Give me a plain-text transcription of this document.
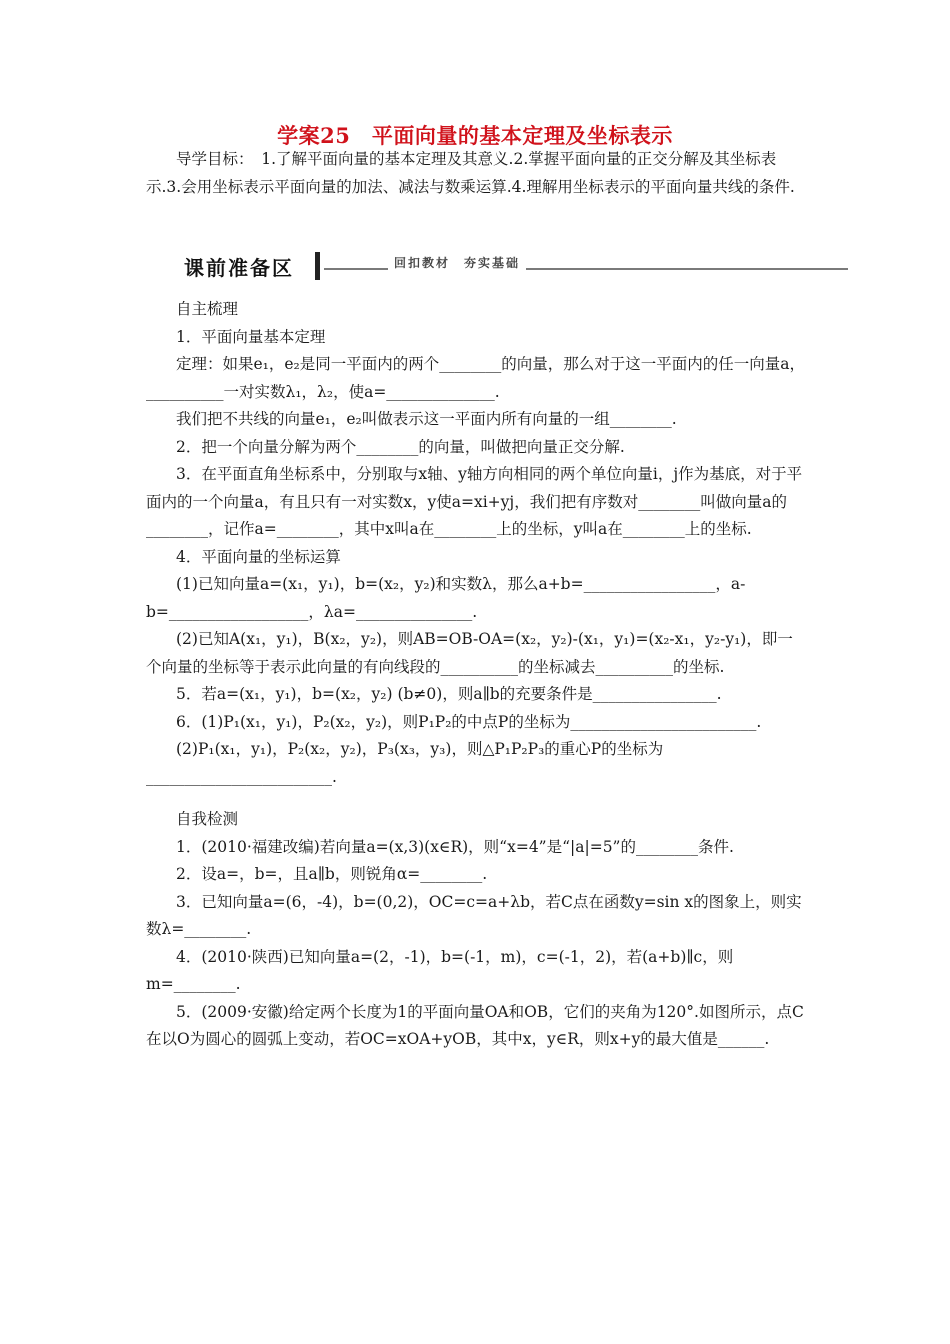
学案25　平面向量的基本定理及坐标表示

导学目标：　1.了解平面向量的基本定理及其意义.2.掌握平面向量的正交分解及其坐标表示.3.会用坐标表示平面向量的加法、减法与数乘运算.4.理解用坐标表示的平面向量共线的条件.

课前准备区	回扣教材　夯实基础

自主梳理

1．平面向量基本定理

定理：如果e₁，e₂是同一平面内的两个________的向量，那么对于这一平面内的任一向量a，__________一对实数λ₁，λ₂，使a=______________.

我们把不共线的向量e₁，e₂叫做表示这一平面内所有向量的一组________.

2．把一个向量分解为两个________的向量，叫做把向量正交分解.

3．在平面直角坐标系中，分别取与x轴、y轴方向相同的两个单位向量i，j作为基底，对于平面内的一个向量a，有且只有一对实数x，y使a=xi+yj，我们把有序数对________叫做向量a的________，记作a=________，其中x叫a在________上的坐标，y叫a在________上的坐标.

4．平面向量的坐标运算

(1)已知向量a=(x₁，y₁)，b=(x₂，y₂)和实数λ，那么a+b=_________________，a-b=__________________，λa=_______________.

(2)已知A(x₁，y₁)，B(x₂，y₂)，则AB=OB-OA=(x₂，y₂)-(x₁，y₁)=(x₂-x₁，y₂-y₁)，即一个向量的坐标等于表示此向量的有向线段的__________的坐标减去__________的坐标.

5．若a=(x₁，y₁)，b=(x₂，y₂) (b≠0)，则a∥b的充要条件是________________.

6．(1)P₁(x₁，y₁)，P₂(x₂，y₂)，则P₁P₂的中点P的坐标为________________________.

(2)P₁(x₁，y₁)，P₂(x₂，y₂)，P₃(x₃，y₃)，则△P₁P₂P₃的重心P的坐标为________________________.

自我检测

1．(2010·福建改编)若向量a=(x,3)(x∈R)，则“x=4”是“|a|=5”的________条件.

2．设a=，b=，且a∥b，则锐角α=________.

3．已知向量a=(6，-4)，b=(0,2)，OC=c=a+λb，若C点在函数y=sin x的图象上，则实数λ=________.

4．(2010·陕西)已知向量a=(2，-1)，b=(-1，m)，c=(-1，2)，若(a+b)∥c，则m=________.

5．(2009·安徽)给定两个长度为1的平面向量OA和OB，它们的夹角为120°.如图所示，点C在以O为圆心的圆弧上变动，若OC=xOA+yOB，其中x，y∈R，则x+y的最大值是______.
